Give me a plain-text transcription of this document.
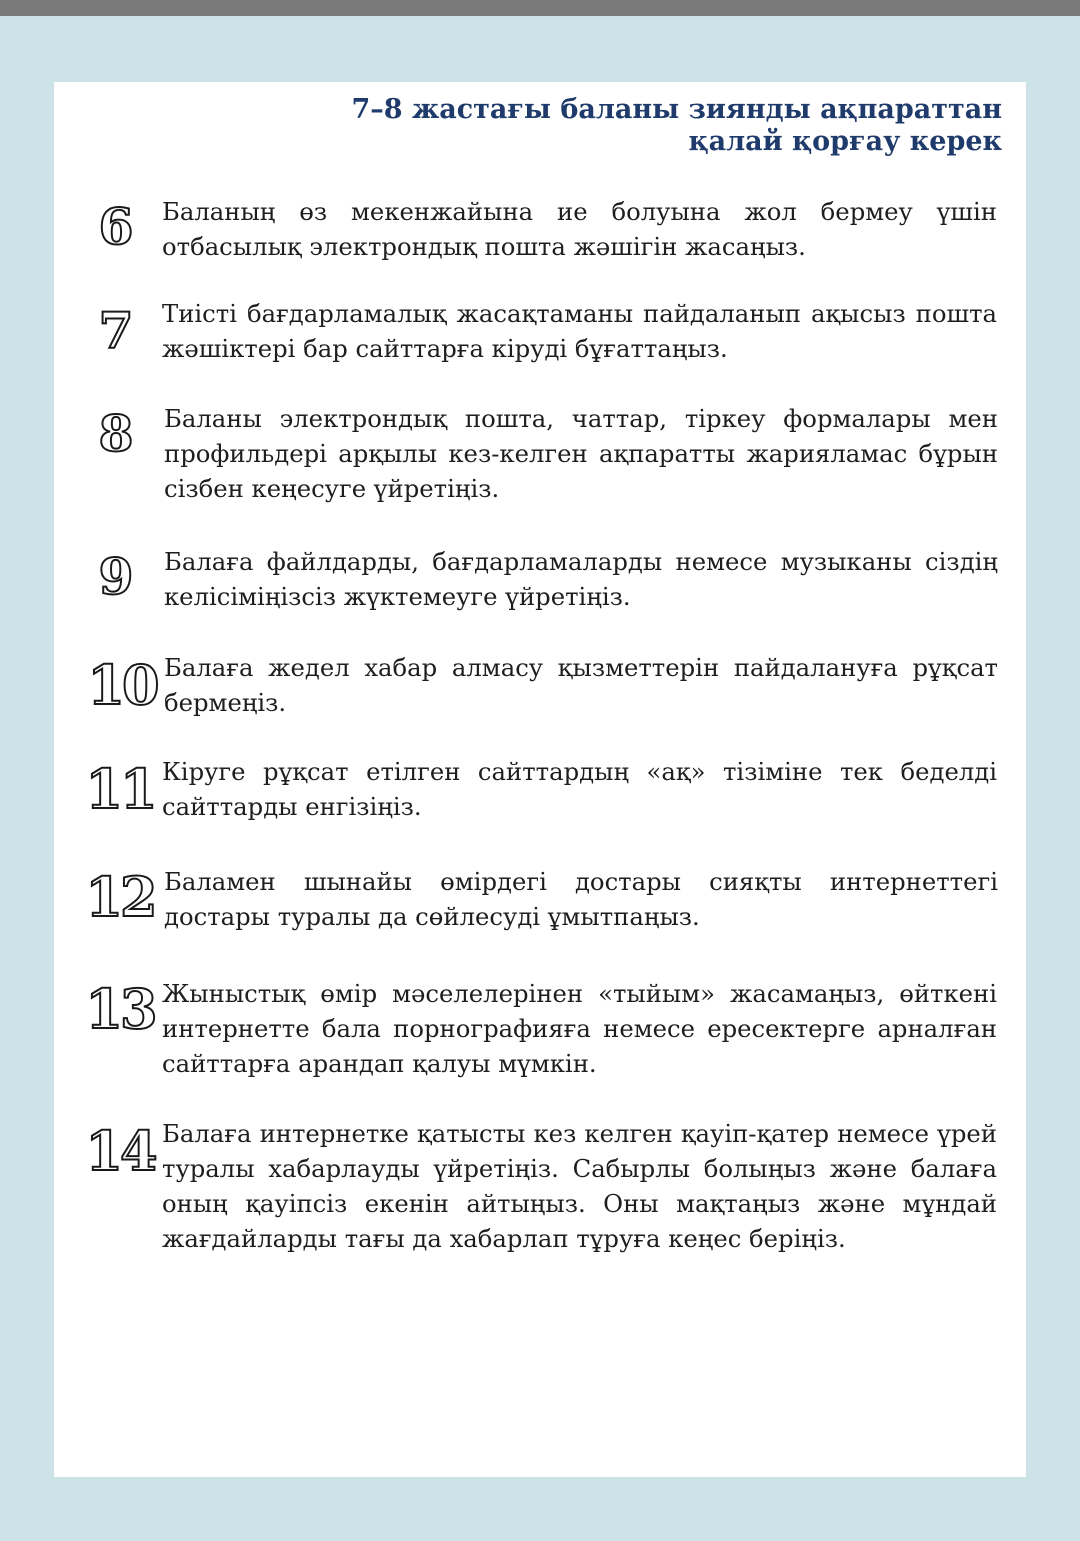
7–8 жастағы баланы зиянды ақпараттан
қалай қорғау керек
6	Баланың өз мекенжайына ие болуына жол бермеу үшін отбасылық электрондық пошта жәшігін жасаңыз.

7	Тиісті бағдарламалық жасақтаманы пайдаланып ақысыз пошта жәшіктері бар сайттарға кіруді бұғаттаңыз.

8	Баланы электрондық пошта, чаттар, тіркеу формалары мен профильдері арқылы кез-келген ақпаратты жарияламас бұрын сізбен кеңесуге үйретіңіз.

9	Балаға файлдарды, бағдарламаларды немесе музыканы сіздің келісіміңізсіз жүктемеуге үйретіңіз.

10 Балаға жедел хабар алмасу қызметтерін пайдалануға рұқсат бермеңіз.

11 Кіруге рұқсат етілген сайттардың «ақ» тізіміне тек беделді сайттарды енгізіңіз.

12 Баламен шынайы өмірдегі достары сияқты интернеттегі достары туралы да сөйлесуді ұмытпаңыз.

13 Жыныстық өмір мәселелерінен «тыйым» жасамаңыз, өйткені интернетте бала порнографияға немесе ересектерге арналған сайттарға арандап қалуы мүмкін.

14 Балаға интернетке қатысты кез келген қауіп-қатер немесе үрей туралы хабарлауды үйретіңіз. Сабырлы болыңыз және балаға оның қауіпсіз екенін айтыңыз. Оны мақтаңыз және мұндай жағдайларды тағы да хабарлап тұруға кеңес беріңіз.
